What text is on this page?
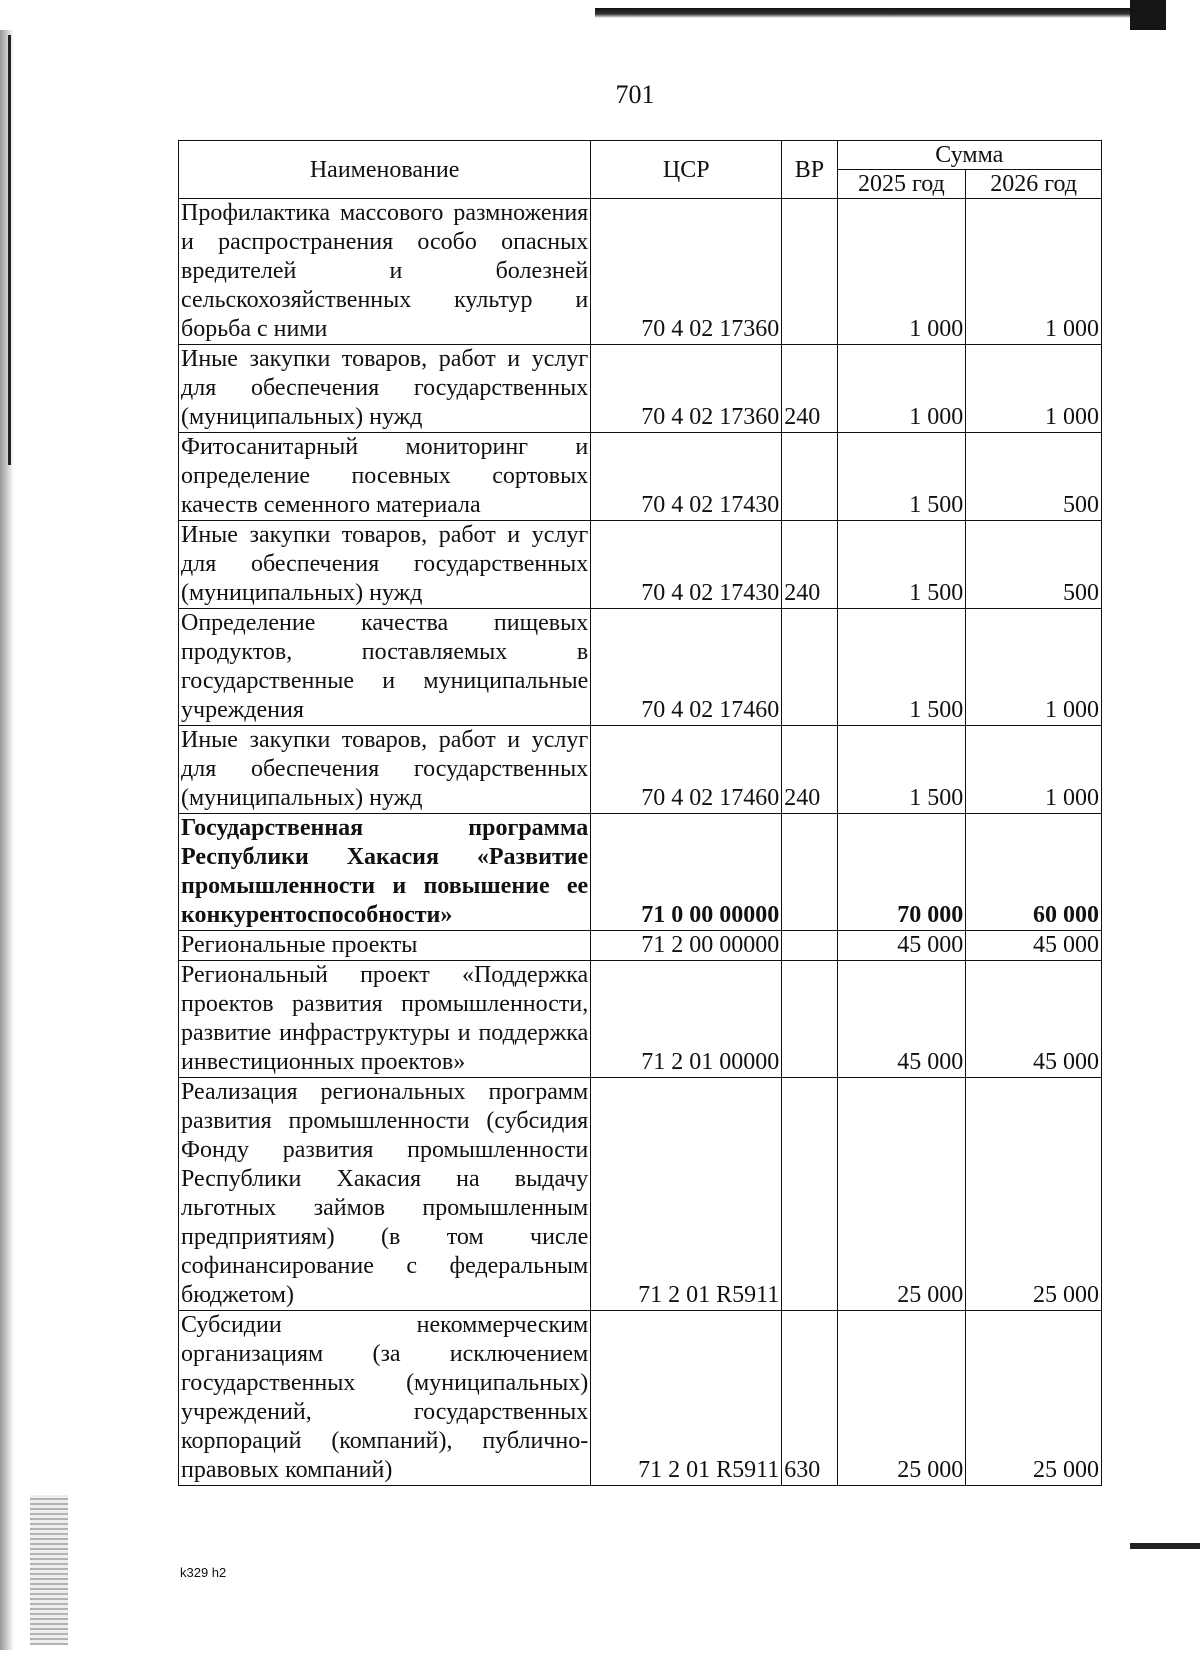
701
Наименование	ЦСР	ВР	Сумма	
			2025 год	2026 год
Профилактика массового размножения и распространения особо опасных вредителей и болезней сельскохозяйственных культур и борьба с ними	70 4 02 17360		1 000	1 000
Иные закупки товаров, работ и услуг для обеспечения государственных (муниципальных) нужд	70 4 02 17360	240	1 000	1 000
Фитосанитарный мониторинг и определение посевных сортовых качеств семенного материала	70 4 02 17430		1 500	500
Иные закупки товаров, работ и услуг для обеспечения государственных (муниципальных) нужд	70 4 02 17430	240	1 500	500
Определение качества пищевых продуктов, поставляемых в государственные и муниципальные учреждения	70 4 02 17460		1 500	1 000
Иные закупки товаров, работ и услуг для обеспечения государственных (муниципальных) нужд	70 4 02 17460	240	1 500	1 000
Государственная программа Республики Хакасия «Развитие промышленности и повышение ее конкурентоспособности»	71 0 00 00000		70 000	60 000
Региональные проекты	71 2 00 00000		45 000	45 000
Региональный проект «Поддержка проектов развития промышленности, развитие инфраструктуры и поддержка инвестиционных проектов»	71 2 01 00000		45 000	45 000
Реализация региональных программ развития промышленности (субсидия Фонду развития промышленности Республики Хакасия на выдачу льготных займов промышленным предприятиям) (в том числе софинансирование с федеральным бюджетом)	71 2 01 R5911		25 000	25 000
Субсидии некоммерческим организациям (за исключением государственных (муниципальных) учреждений, государственных корпораций (компаний), публично-правовых компаний)	71 2 01 R5911	630	25 000	25 000
k329 h2
